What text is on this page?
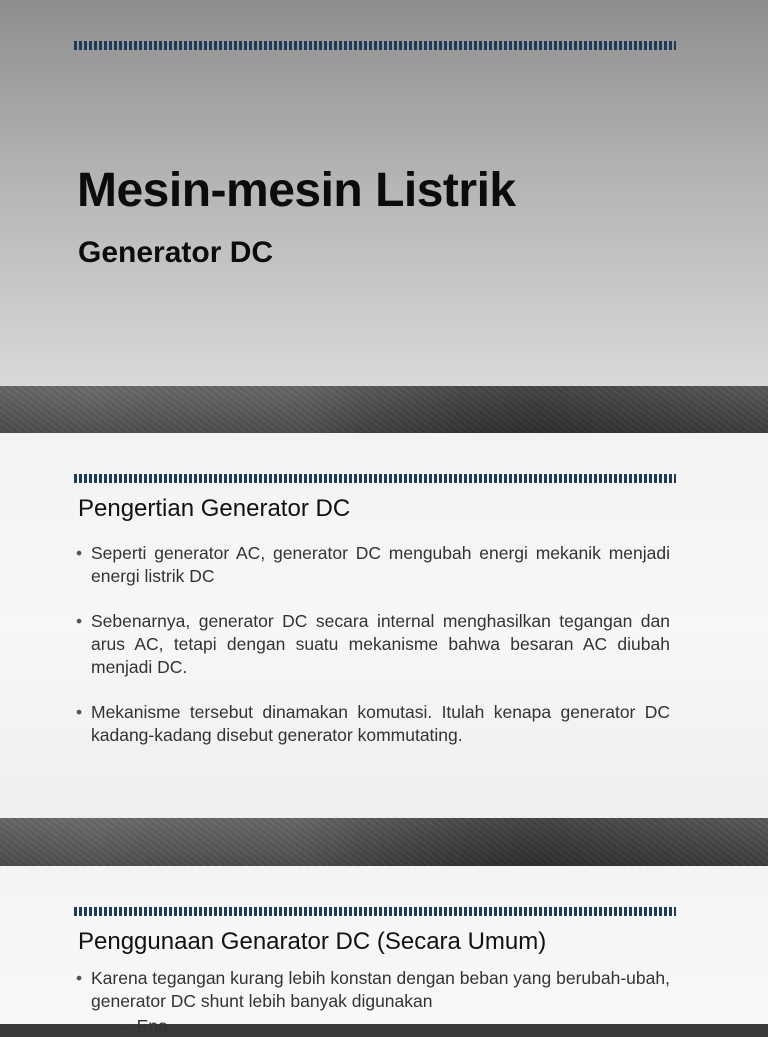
Mesin-mesin Listrik
Generator DC
Pengertian Generator DC
• Seperti generator AC, generator DC mengubah energi mekanik menjadi energi listrik DC
• Sebenarnya, generator DC secara internal menghasilkan tegangan dan arus AC, tetapi dengan suatu mekanisme bahwa besaran AC diubah menjadi DC.
• Mekanisme tersebut dinamakan komutasi. Itulah kenapa generator DC kadang-kadang disebut generator kommutating.
Penggunaan Genarator DC (Secara Umum)
• Karena tegangan kurang lebih konstan dengan beban yang berubah-ubah, generator DC shunt lebih banyak digunakan
– Ena
